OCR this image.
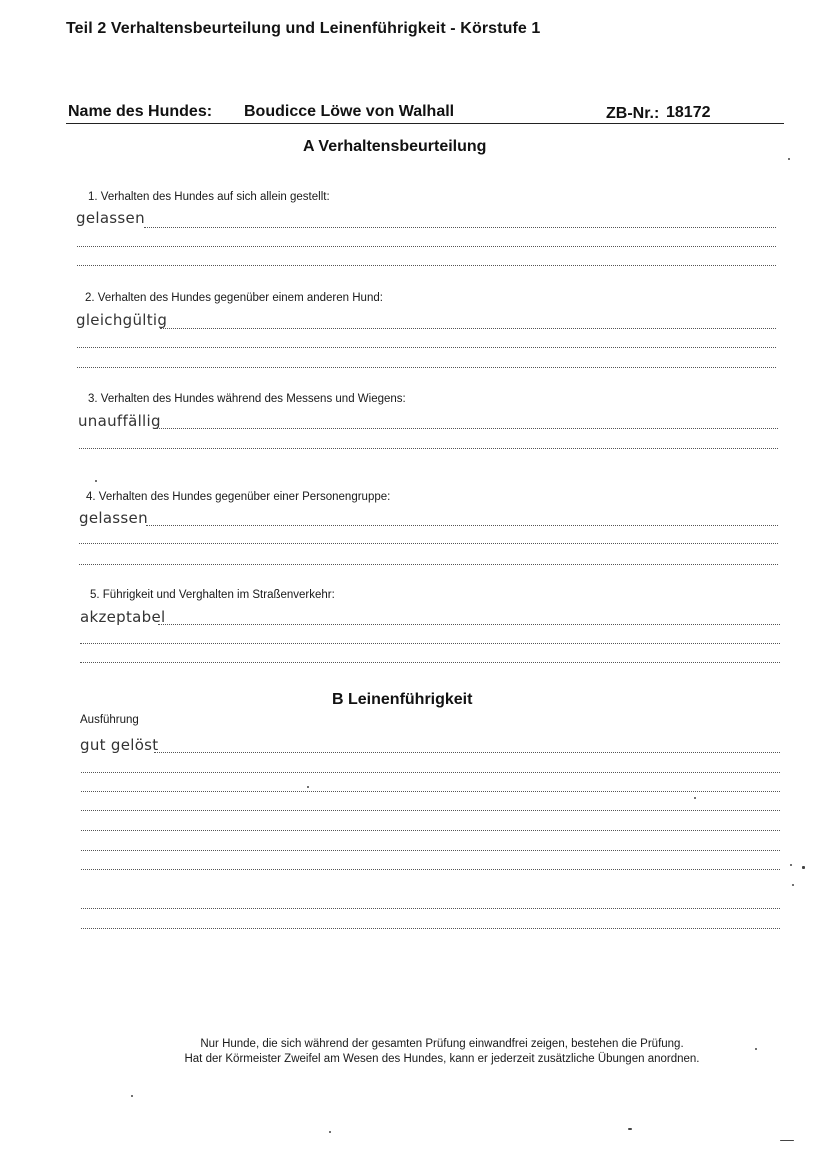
Teil 2 Verhaltensbeurteilung und Leinenführigkeit - Körstufe 1
Name des Hundes: Boudicce Löwe von Walhall	ZB-Nr.: 18172
A Verhaltensbeurteilung
1. Verhalten des Hundes auf sich allein gestellt:
gelassen
2. Verhalten des Hundes gegenüber einem anderen Hund:
gleichgültig
3. Verhalten des Hundes während des Messens und Wiegens:
unauffällig
4. Verhalten des Hundes gegenüber einer Personengruppe:
gelassen
5. Führigkeit und Verghalten im Straßenverkehr:
akzeptabel
B Leinenführigkeit
Ausführung
gut gelöst
Nur Hunde, die sich während der gesamten Prüfung einwandfrei zeigen, bestehen die Prüfung.
Hat der Körmeister Zweifel am Wesen des Hundes, kann er jederzeit zusätzliche Übungen anordnen.
